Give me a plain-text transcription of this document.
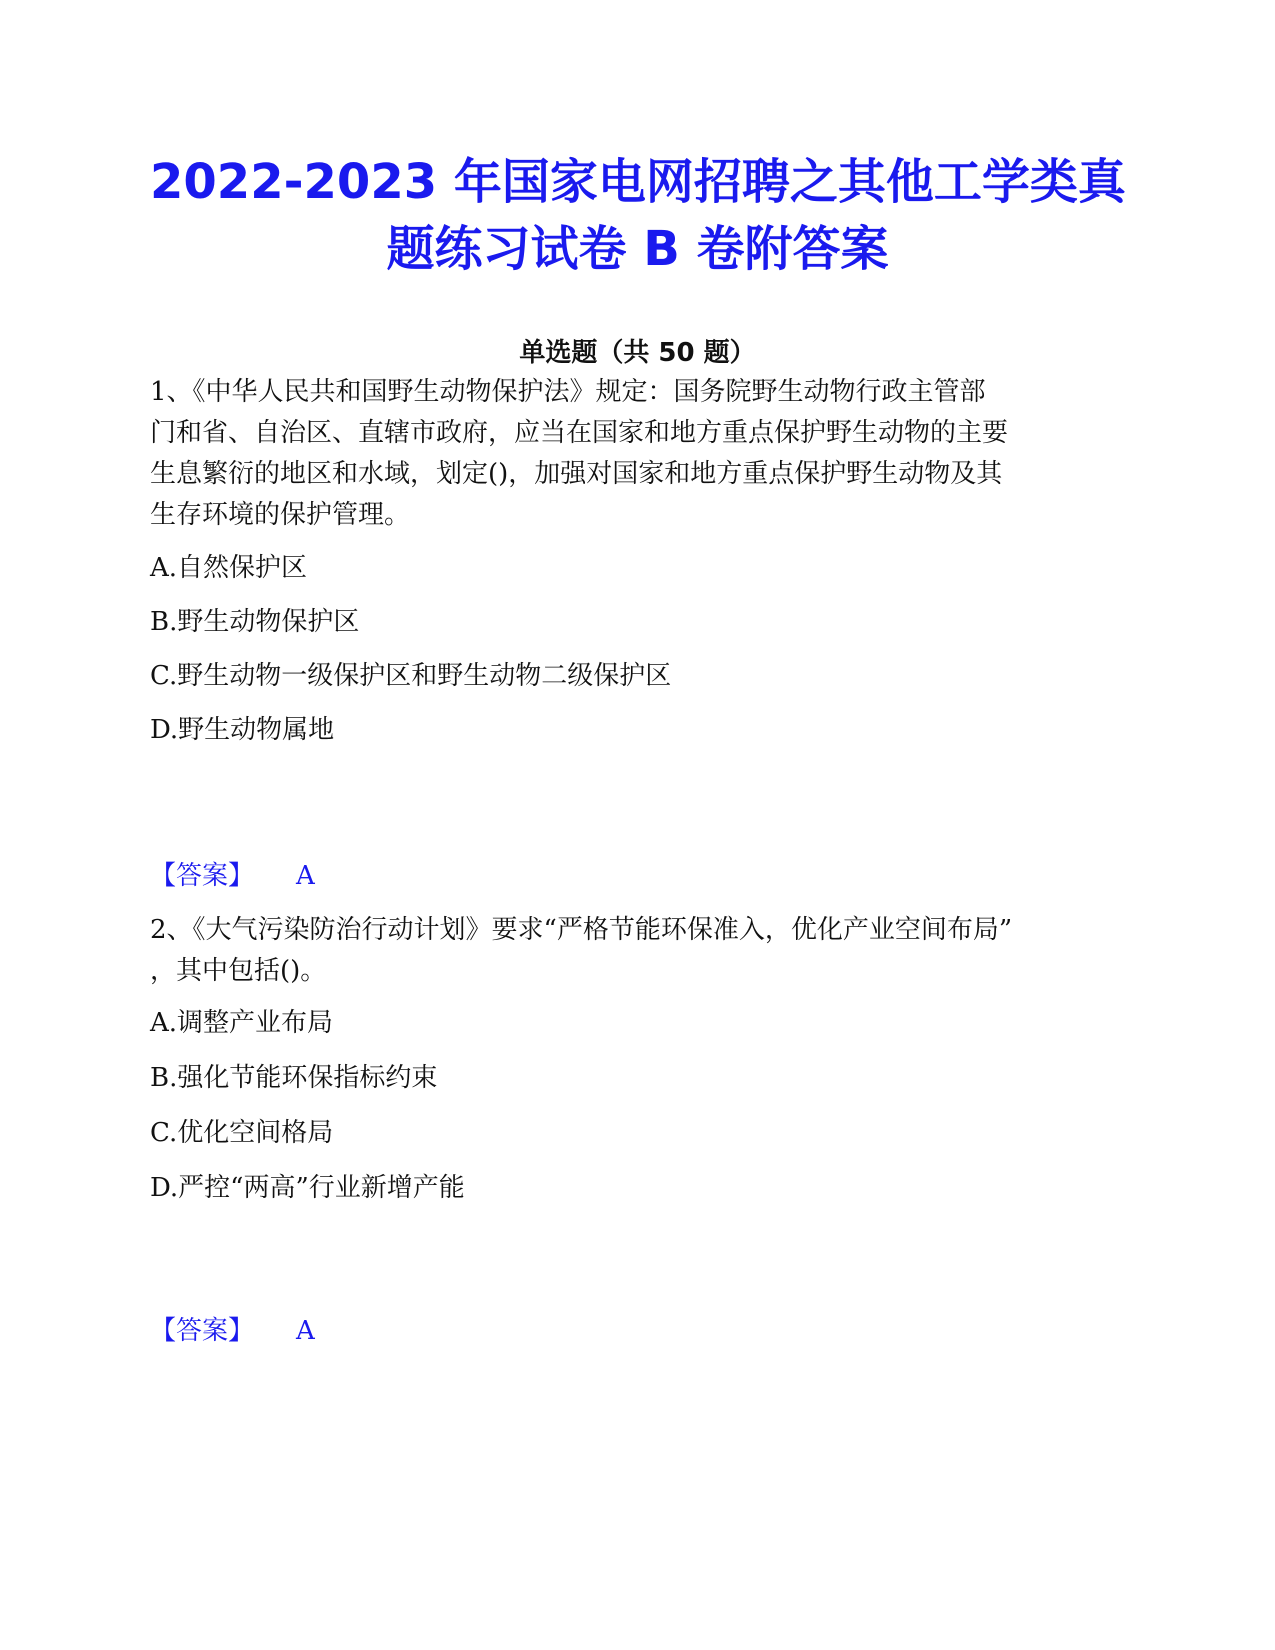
2022-2023 年国家电网招聘之其他工学类真
题练习试卷 B 卷附答案
单选题（共 50 题）
1、《中华人民共和国野生动物保护法》规定：国务院野生动物行政主管部
门和省、自治区、直辖市政府，应当在国家和地方重点保护野生动物的主要
生息繁衍的地区和水域，划定()，加强对国家和地方重点保护野生动物及其
生存环境的保护管理。
A.自然保护区
B.野生动物保护区
C.野生动物一级保护区和野生动物二级保护区
D.野生动物属地
【答案】 A
2、《大气污染防治行动计划》要求“严格节能环保准入，优化产业空间布局”
，其中包括()。
A.调整产业布局
B.强化节能环保指标约束
C.优化空间格局
D.严控“两高”行业新增产能
【答案】 A
